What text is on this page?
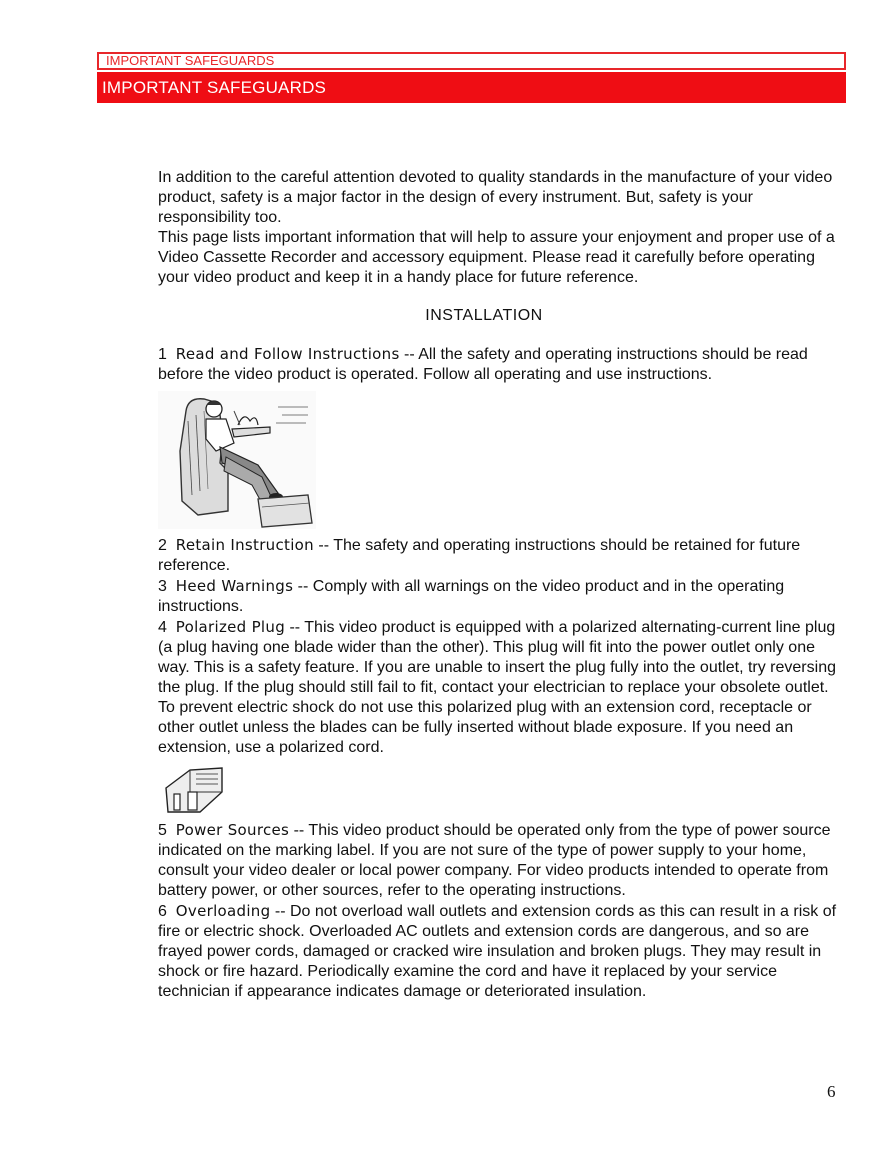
IMPORTANT SAFEGUARDS
IMPORTANT SAFEGUARDS

In addition to the careful attention devoted to quality standards in the manufacture of your video product, safety is a major factor in the design of every instrument. But, safety is your responsibility too.

This page lists important information that will help to assure your enjoyment and proper use of a Video Cassette Recorder and accessory equipment. Please read it carefully before operating your video product and keep it in a handy place for future reference.

INSTALLATION

1 Read and Follow Instructions -- All the safety and operating instructions should be read before the video product is operated. Follow all operating and use instructions.

2 Retain Instruction -- The safety and operating instructions should be retained for future reference.

3 Heed Warnings -- Comply with all warnings on the video product and in the operating instructions.

4 Polarized Plug -- This video product is equipped with a polarized alternating-current line plug (a plug having one blade wider than the other). This plug will fit into the power outlet only one way. This is a safety feature. If you are unable to insert the plug fully into the outlet, try reversing the plug. If the plug should still fail to fit, contact your electrician to replace your obsolete outlet. To prevent electric shock do not use this polarized plug with an extension cord, receptacle or other outlet unless the blades can be fully inserted without blade exposure. If you need an extension, use a polarized cord.

5 Power Sources -- This video product should be operated only from the type of power source indicated on the marking label. If you are not sure of the type of power supply to your home, consult your video dealer or local power company. For video products intended to operate from battery power, or other sources, refer to the operating instructions.

6 Overloading -- Do not overload wall outlets and extension cords as this can result in a risk of fire or electric shock. Overloaded AC outlets and extension cords are dangerous, and so are frayed power cords, damaged or cracked wire insulation and broken plugs. They may result in shock or fire hazard. Periodically examine the cord and have it replaced by your service technician if appearance indicates damage or deteriorated insulation.

6
